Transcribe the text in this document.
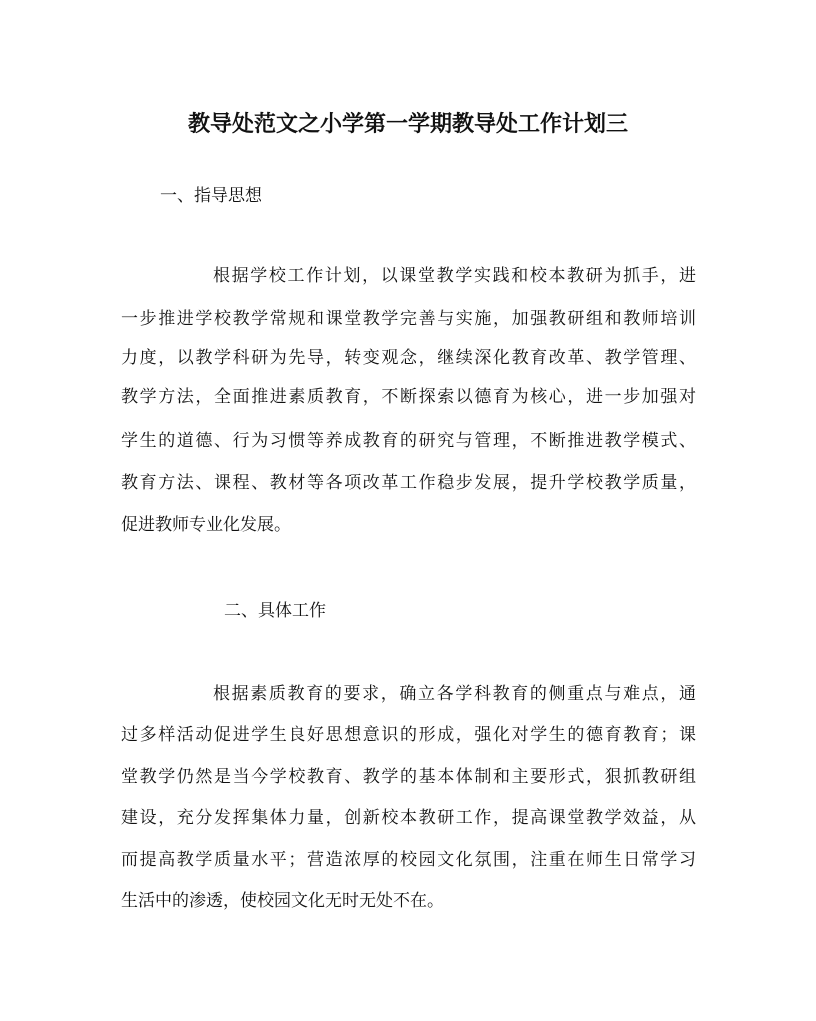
教导处范文之小学第一学期教导处工作计划三
一、指导思想
根据学校工作计划，以课堂教学实践和校本教研为抓手，进
一步推进学校教学常规和课堂教学完善与实施，加强教研组和教师培训
力度，以教学科研为先导，转变观念，继续深化教育改革、教学管理、
教学方法，全面推进素质教育，不断探索以德育为核心，进一步加强对
学生的道德、行为习惯等养成教育的研究与管理，不断推进教学模式、
教育方法、课程、教材等各项改革工作稳步发展，提升学校教学质量，
促进教师专业化发展。
二、具体工作
根据素质教育的要求，确立各学科教育的侧重点与难点，通
过多样活动促进学生良好思想意识的形成，强化对学生的德育教育；课
堂教学仍然是当今学校教育、教学的基本体制和主要形式，狠抓教研组
建设，充分发挥集体力量，创新校本教研工作，提高课堂教学效益，从
而提高教学质量水平；营造浓厚的校园文化氛围，注重在师生日常学习
生活中的渗透，使校园文化无时无处不在。
